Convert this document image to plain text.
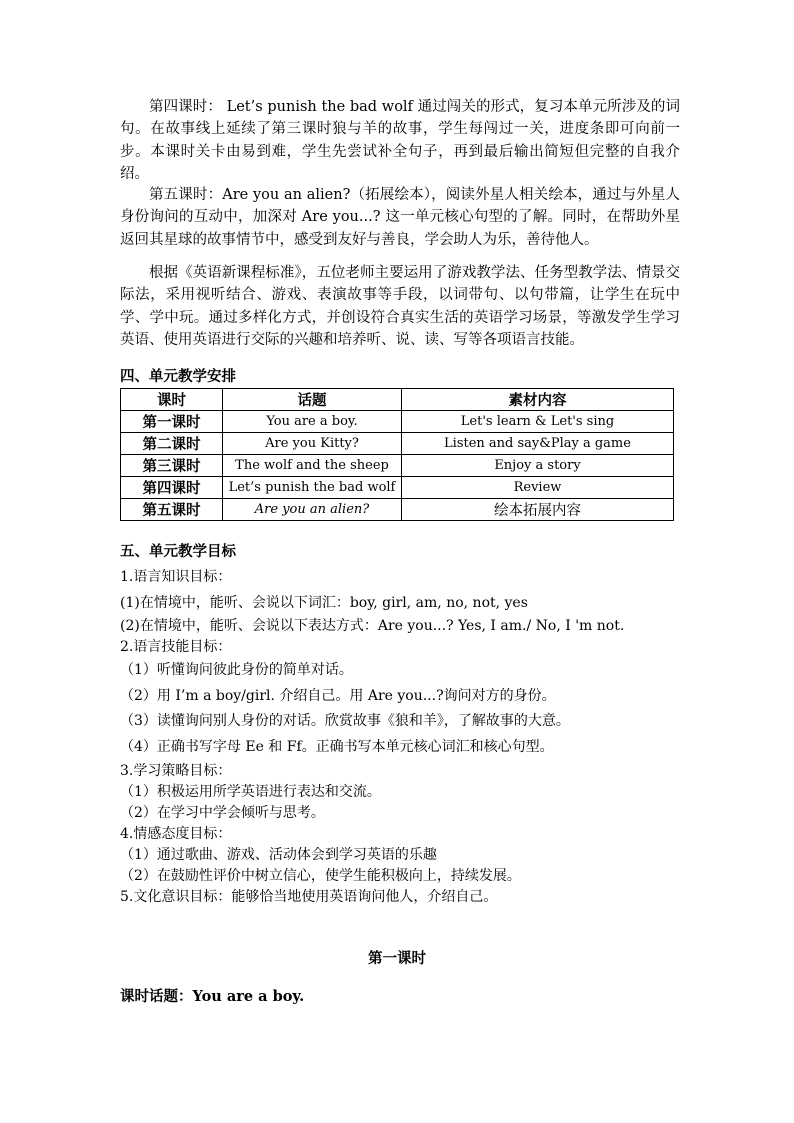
第四课时： Let’s punish the bad wolf 通过闯关的形式，复习本单元所涉及的词句。在故事线上延续了第三课时狼与羊的故事，学生每闯过一关，进度条即可向前一步。本课时关卡由易到难，学生先尝试补全句子，再到最后输出简短但完整的自我介绍。

第五课时：Are you an alien?（拓展绘本），阅读外星人相关绘本，通过与外星人身份询问的互动中，加深对 Are you...? 这一单元核心句型的了解。同时，在帮助外星返回其星球的故事情节中，感受到友好与善良，学会助人为乐，善待他人。

根据《英语新课程标准》，五位老师主要运用了游戏教学法、任务型教学法、情景交际法，采用视听结合、游戏、表演故事等手段，以词带句、以句带篇，让学生在玩中学、学中玩。通过多样化方式，并创设符合真实生活的英语学习场景，等激发学生学习英语、使用英语进行交际的兴趣和培养听、说、读、写等各项语言技能。

四、单元教学安排

课时	话题	素材内容
第一课时	You are a boy.	Let's learn & Let's sing
第二课时	Are you Kitty?	Listen and say&Play a game
第三课时	The wolf and the sheep	Enjoy a story
第四课时	Let’s punish the bad wolf	Review
第五课时	Are you an alien?	绘本拓展内容

五、单元教学目标

1.语言知识目标：

(1)在情境中，能听、会说以下词汇：boy, girl, am, no, not, yes

(2)在情境中，能听、会说以下表达方式：Are you...? Yes, I am./ No, I 'm not.

2.语言技能目标：

（1）听懂询问彼此身份的简单对话。

（2）用 I’m a boy/girl. 介绍自己。用 Are you...?询问对方的身份。

（3）读懂询问别人身份的对话。欣赏故事《狼和羊》，了解故事的大意。

（4）正确书写字母 Ee 和 Ff。正确书写本单元核心词汇和核心句型。

3.学习策略目标：

（1）积极运用所学英语进行表达和交流。

（2）在学习中学会倾听与思考。

4.情感态度目标：

（1）通过歌曲、游戏、活动体会到学习英语的乐趣

（2）在鼓励性评价中树立信心，使学生能积极向上，持续发展。

5.文化意识目标：能够恰当地使用英语询问他人，介绍自己。

第一课时

课时话题：You are a boy.
